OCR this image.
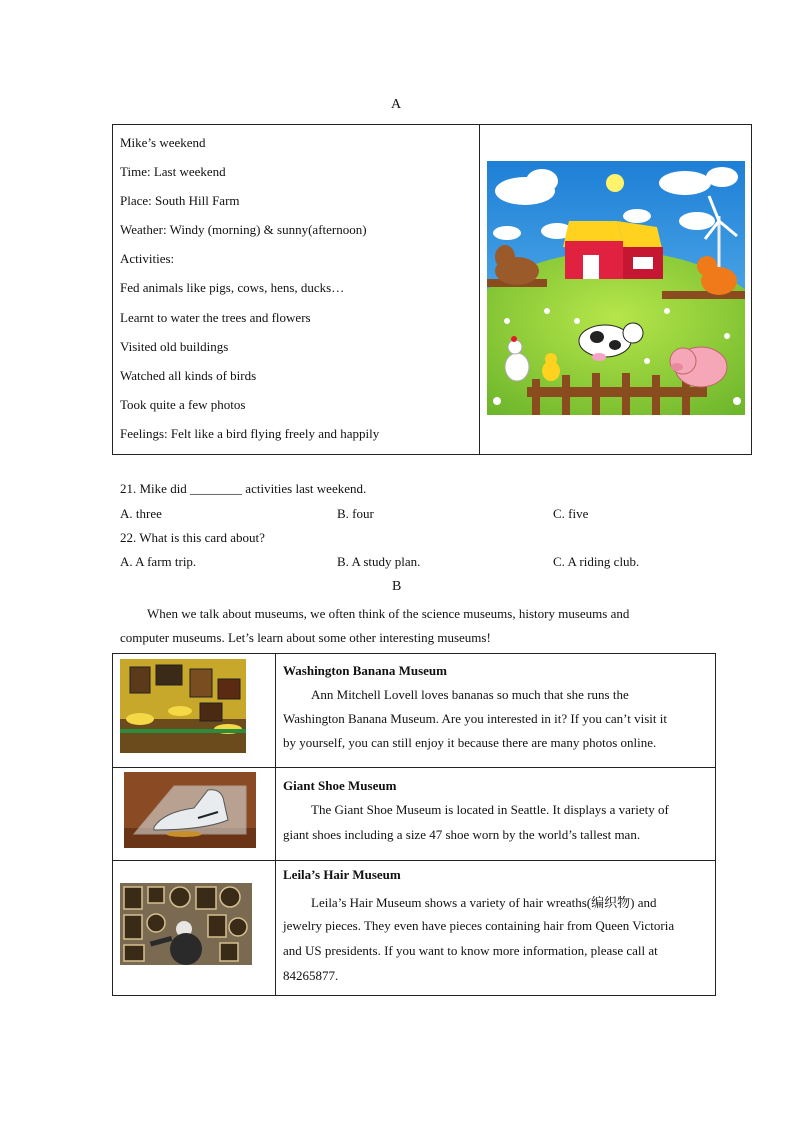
A
Mike’s weekend
Time: Last weekend
Place: South Hill Farm
Weather: Windy (morning) & sunny(afternoon)
Activities:
Fed animals like pigs, cows, hens, ducks…
Learnt to water the trees and flowers
Visited old buildings
Watched all kinds of birds
Took quite a few photos
Feelings: Felt like a bird flying freely and happily
21. Mike did ________ activities last weekend.
A. three	B. four	C. five
22. What is this card about?
A. A farm trip.	B. A study plan.	C. A riding club.
B
When we talk about museums, we often think of the science museums, history museums and
computer museums. Let’s learn about some other interesting museums!
Washington Banana Museum
Ann Mitchell Lovell loves bananas so much that she runs the
Washington Banana Museum. Are you interested in it? If you can’t visit it
by yourself, you can still enjoy it because there are many photos online.
Giant Shoe Museum
The Giant Shoe Museum is located in Seattle. It displays a variety of
giant shoes including a size 47 shoe worn by the world’s tallest man.
Leila’s Hair Museum
Leila’s Hair Museum shows a variety of hair wreaths(编织物) and
jewelry pieces. They even have pieces containing hair from Queen Victoria
and US presidents. If you want to know more information, please call at
84265877.
